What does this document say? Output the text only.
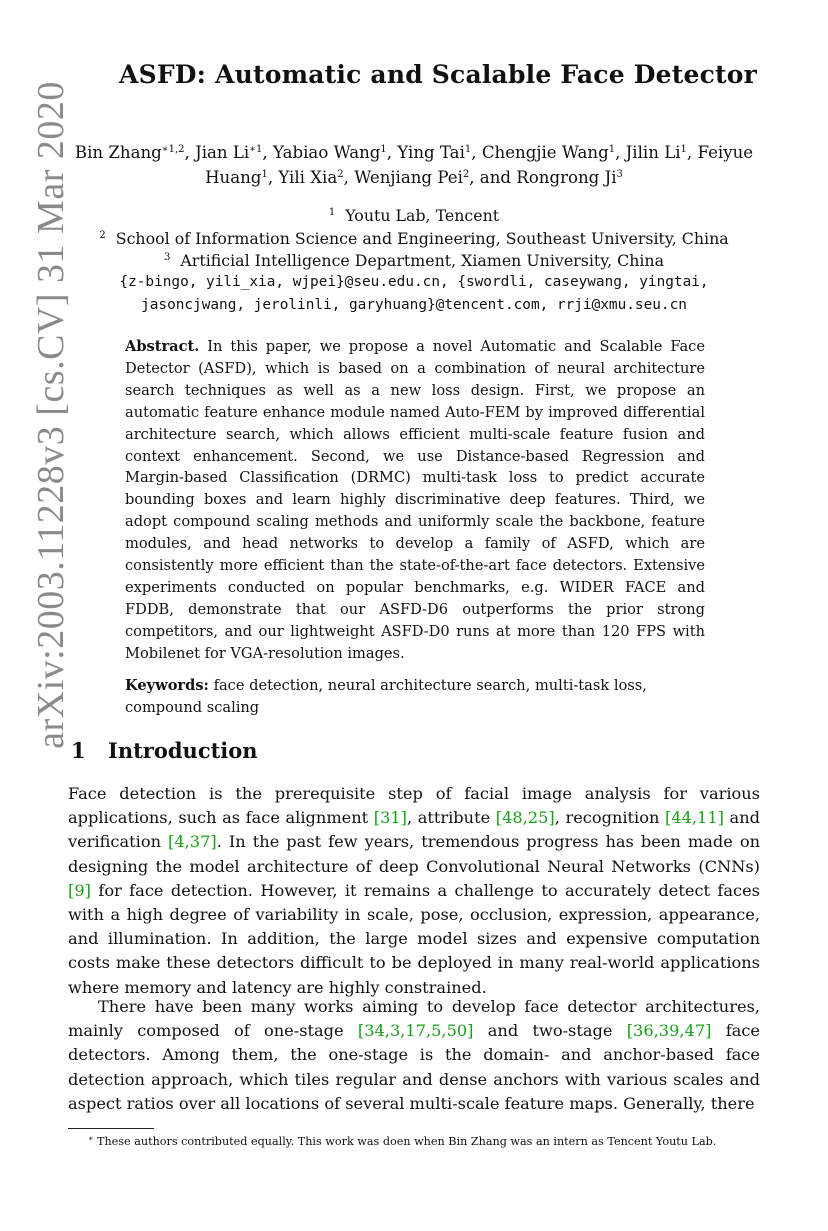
arXiv:2003.11228v3 [cs.CV] 31 Mar 2020
ASFD: Automatic and Scalable Face Detector
Bin Zhang$^{∗1,2}$, Jian $Li^{∗1}$, Yabiao Wang$^1$, Ying Tai$^1$, Chengjie Wang$^1$, Jilin Li$^1$, Feiyue Huang$^1$, Yili Xia$^2$, Wenjiang Pei$^2$, and Rongrong Ji$^3$
$^1$ Youtu Lab, Tencent
$^2$ School of Information Science and Engineering, Southeast University, China
$^3$ Artificial Intelligence Department, Xiamen University, China
{z-bingo, yili_xia, wjpei}@seu.edu.cn, {swordli, caseywang, yingtai,
jasoncjwang, jerolinli, garyhuang}@tencent.com, rrji@xmu.seu.cn
Abstract. In this paper, we propose a novel Automatic and Scalable Face Detector (ASFD), which is based on a combination of neural architecture search techniques as well as a new loss design. First, we propose an automatic feature enhance module named Auto-FEM by improved differential architecture search, which allows efficient multi-scale feature fusion and context enhancement. Second, we use Distance-based Regression and Margin-based Classification (DRMC) multi-task loss to predict accurate bounding boxes and learn highly discriminative deep features. Third, we adopt compound scaling methods and uniformly scale the backbone, feature modules, and head networks to develop a family of ASFD, which are consistently more efficient than the state-of-the-art face detectors. Extensive experiments conducted on popular benchmarks, e.g. WIDER FACE and FDDB, demonstrate that our ASFD-D6 outperforms the prior strong competitors, and our lightweight ASFD-D0 runs at more than 120 FPS with Mobilenet for VGA-resolution images.
Keywords: face detection, neural architecture search, multi-task loss, compound scaling
1 Introduction
Face detection is the prerequisite step of facial image analysis for various applications, such as face alignment [31], attribute [48,25], recognition [44,11] and verification [4,37]. In the past few years, tremendous progress has been made on designing the model architecture of deep Convolutional Neural Networks (CNNs) [9] for face detection. However, it remains a challenge to accurately detect faces with a high degree of variability in scale, pose, occlusion, expression, appearance, and illumination. In addition, the large model sizes and expensive computation costs make these detectors difficult to be deployed in many real-world applications where memory and latency are highly constrained.
There have been many works aiming to develop face detector architectures, mainly composed of one-stage [34,3,17,5,50] and two-stage [36,39,47] face detectors. Among them, the one-stage is the domain- and anchor-based face detection approach, which tiles regular and dense anchors with various scales and aspect ratios over all locations of several multi-scale feature maps. Generally, there
∗ These authors contributed equally. This work was doen when Bin Zhang was an intern as Tencent Youtu Lab.
